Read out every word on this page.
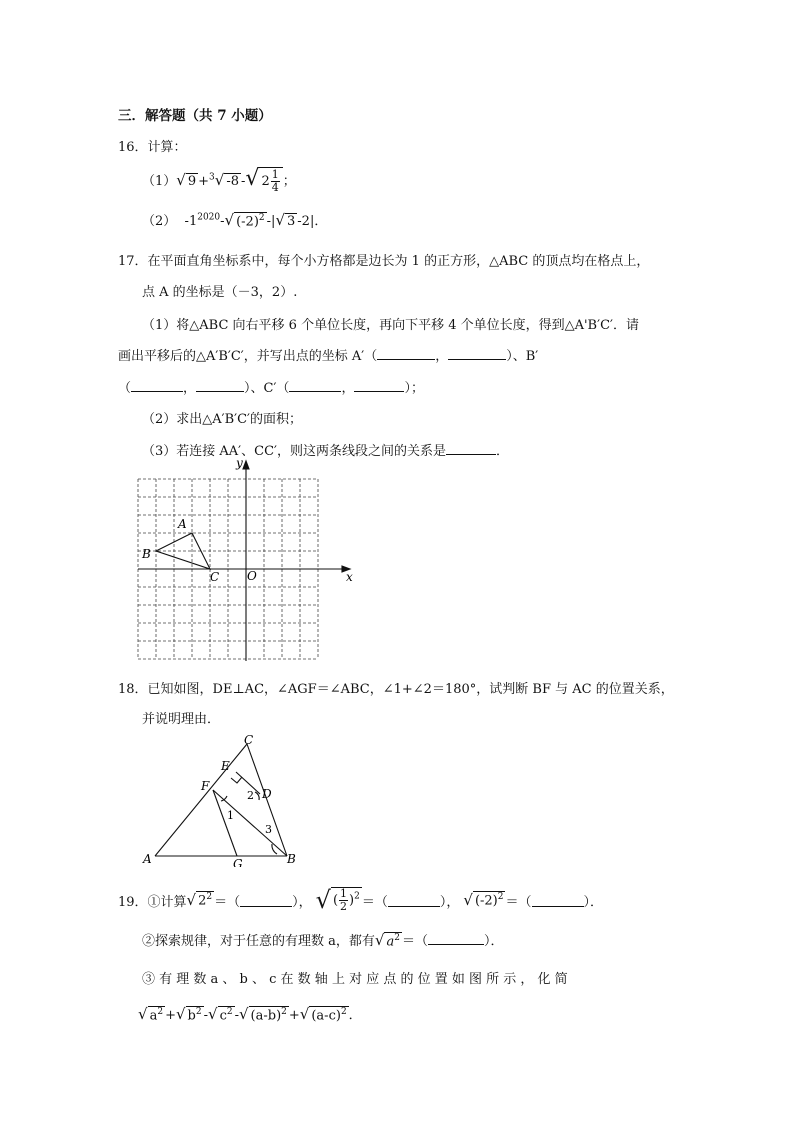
三．解答题（共 7 小题）
16．计算：
（1）√ 9 +$^3$√ -8 -√ $2 \frac{1}{4}$ ；
（2） $-1^{2020}-√$ $(-2)^2$ -|√ 3 -2|．
17．在平面直角坐标系中，每个小方格都是边长为 1 的正方形，△ABC 的顶点均在格点上，
点 A 的坐标是（－3，2）.
（1）将△ABC 向右平移 6 个单位长度，再向下平移 4 个单位长度，得到△A'B′C′．请
画出平移后的△A′B′C′，并写出点的坐标 A′（	，	）、B′
（	，	）、C′（	，	）；
（2）求出△A′B′C′的面积；
（3）若连接 AA′、CC′，则这两条线段之间的关系是	．
A
B
C O	x
y
18．已知如图，DE⊥AC，∠AGF＝∠ABC，∠1+∠2＝180°，试判断 BF 与 AC 的位置关系，
并说明理由．
A	B
C
D
E
F
G
1
2
3
19．①计算 √ $2^2$ ＝（	）， √ ( $\frac{1}{2} )^2$ ＝（	）， √ $(-2)^2$ ＝（	）．
②探索规律，对于任意的有理数 a，都有√ $a^2$ ＝（	）．
③ 有 理 数 a 、 b 、 c 在 数 轴 上 对 应 点 的 位 置 如 图 所 示 ， 化 简
√ $a^2$ +√ $b^2$ -√ $c^2$ -√ $(a-b)^2$ +√ $(a-c)^2$ ．
